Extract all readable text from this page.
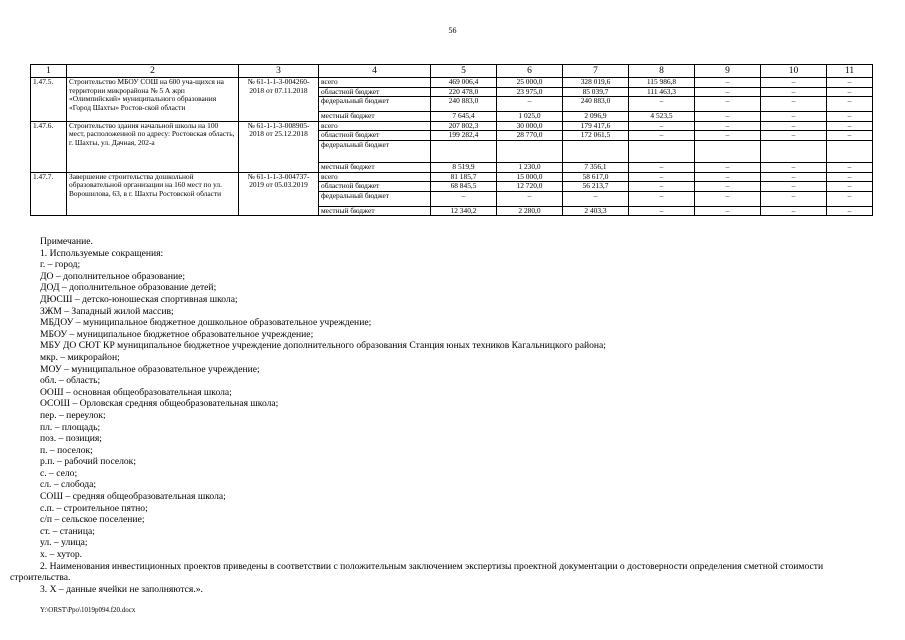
56
1	2	3	4	5	6	7	8	9	10	11
1.47.5.	Строительство МБОУ СОШ на 600 уча-щихся на территории микрорайона № 5 А жрп «Олимпийский» муниципального образования «Город Шахты» Ростов-ской области	№ 61-1-1-3-004260-2018 от 07.11.2018	всего	469 006,4	25 000,0	328 019,6	115 986,8	–	–	–
			областной бюджет	220 478,0	23 975,0	85 039,7	111 463,3	–	–	–
			федеральный бюджет	240 883,0	–	240 883,0	–	–	–	–
			местный бюджет	7 645,4	1 025,0	2 096,9	4 523,5	–	–	–
1.47.6.	Строительство здания начальной школы на 100 мест, расположенной по адресу: Ростовская область, г. Шахты, ул. Дачная, 202-а	№ 61-1-1-3-008905-2018 от 25.12.2018	всего	207 802,3	30 000,0	179 417,6	–	–	–	–
			областной бюджет	199 282,4	28 770,0	172 061,5	–	–	–	–
			федеральный бюджет							
			местный бюджет	8 519,9	1 230,0	7 356,1	–	–	–	–
1.47.7.	Завершение строительства дошкольной образовательной организации на 160 мест по ул. Ворошилова, 63, в г. Шахты Ростовской области	№ 61-1-1-3-004737-2019 от 05.03.2019	всего	81 185,7	15 000,0	58 617,0	–	–	–	–
			областной бюджет	68 845,5	12 720,0	56 213,7	–	–	–	–
			федеральный бюджет	–	–	–	–	–	–	–
			местный бюджет	12 340,2	2 280,0	2 403,3	–	–	–	–
Примечание.
1. Используемые сокращения:
г. – город;
ДО – дополнительное образование;
ДОД – дополнительное образование детей;
ДЮСШ – детско-юношеская спортивная школа;
ЗЖМ – Западный жилой массив;
МБДОУ – муниципальное бюджетное дошкольное образовательное учреждение;
МБОУ – муниципальное бюджетное образовательное учреждение;
МБУ ДО СЮТ КР муниципальное бюджетное учреждение дополнительного образования Станция юных техников Кагальницкого района;
мкр. – микрорайон;
МОУ – муниципальное образовательное учреждение;
обл. – область;
ООШ – основная общеобразовательная школа;
ОСОШ – Орловская средняя общеобразовательная школа;
пер. – переулок;
пл. – площадь;
поз. – позиция;
п. – поселок;
р.п. – рабочий поселок;
с. – село;
сл. – слобода;
СОШ – средняя общеобразовательная школа;
с.п. – строительное пятно;
с/п – сельское поселение;
ст. – станица;
ул. – улица;
х. – хутор.
2. Наименования инвестиционных проектов приведены в соответствии с положительным заключением экспертизы проектной документации о достоверности определения сметной стоимости строительства.
3. Х – данные ячейки не заполняются.».
Y:\ORST\Ppo\1019p094.f20.docx
